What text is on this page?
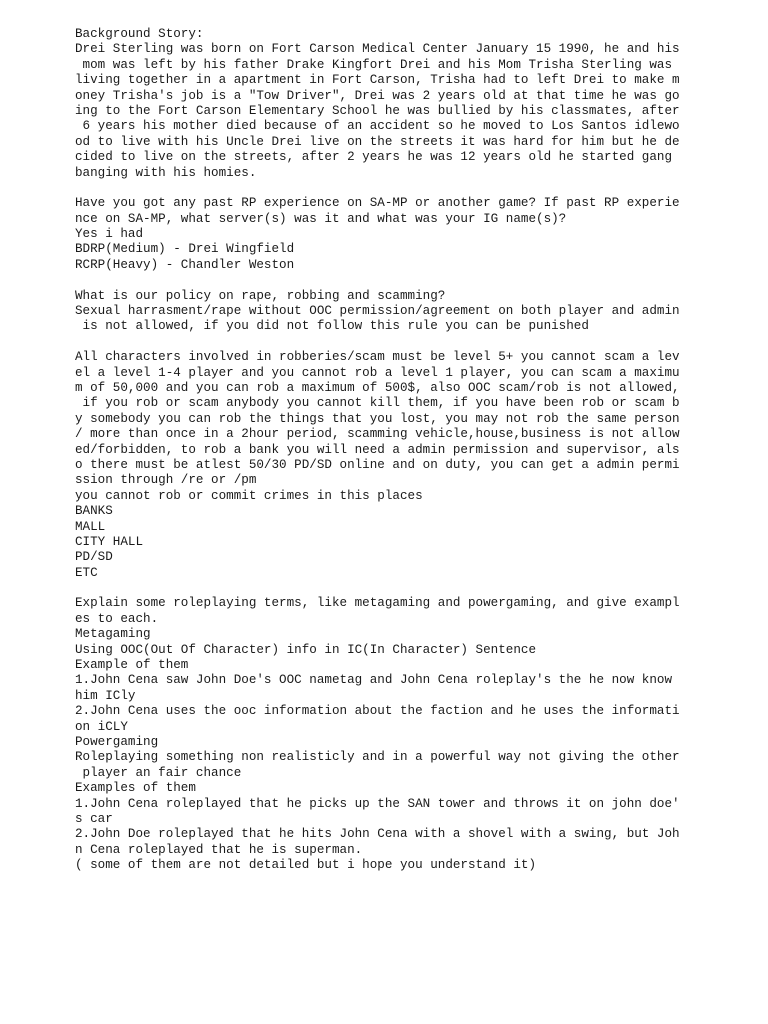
Background Story:
Drei Sterling was born on Fort Carson Medical Center January 15 1990, he and his
mom was left by his father Drake Kingfort Drei and his Mom Trisha Sterling was
living together in a apartment in Fort Carson, Trisha had to left Drei to make m
oney Trisha's job is a "Tow Driver", Drei was 2 years old at that time he was go
ing to the Fort Carson Elementary School he was bullied by his classmates, after
6 years his mother died because of an accident so he moved to Los Santos idlewo
od to live with his Uncle Drei live on the streets it was hard for him but he de
cided to live on the streets, after 2 years he was 12 years old he started gang
banging with his homies.
Have you got any past RP experience on SA-MP or another game? If past RP experie
nce on SA-MP, what server(s) was it and what was your IG name(s)?
Yes i had
BDRP(Medium) - Drei Wingfield
RCRP(Heavy) - Chandler Weston
What is our policy on rape, robbing and scamming?
Sexual harrasment/rape without OOC permission/agreement on both player and admin
is not allowed, if you did not follow this rule you can be punished
All characters involved in robberies/scam must be level 5+ you cannot scam a lev
el a level 1-4 player and you cannot rob a level 1 player, you can scam a maximu
m of 50,000 and you can rob a maximum of 500$, also OOC scam/rob is not allowed,
if you rob or scam anybody you cannot kill them, if you have been rob or scam b
y somebody you can rob the things that you lost, you may not rob the same person
/ more than once in a 2hour period, scamming vehicle,house,business is not allow
ed/forbidden, to rob a bank you will need a admin permission and supervisor, als
o there must be atlest 50/30 PD/SD online and on duty, you can get a admin permi
ssion through /re or /pm
you cannot rob or commit crimes in this places
BANKS
MALL
CITY HALL
PD/SD
ETC
Explain some roleplaying terms, like metagaming and powergaming, and give exampl
es to each.
Metagaming
Using OOC(Out Of Character) info in IC(In Character) Sentence
Example of them
1.John Cena saw John Doe's OOC nametag and John Cena roleplay's the he now know
him ICly
2.John Cena uses the ooc information about the faction and he uses the informati
on iCLY
Powergaming
Roleplaying something non realisticly and in a powerful way not giving the other
player an fair chance
Examples of them
1.John Cena roleplayed that he picks up the SAN tower and throws it on john doe'
s car
2.John Doe roleplayed that he hits John Cena with a shovel with a swing, but Joh
n Cena roleplayed that he is superman.
( some of them are not detailed but i hope you understand it)
